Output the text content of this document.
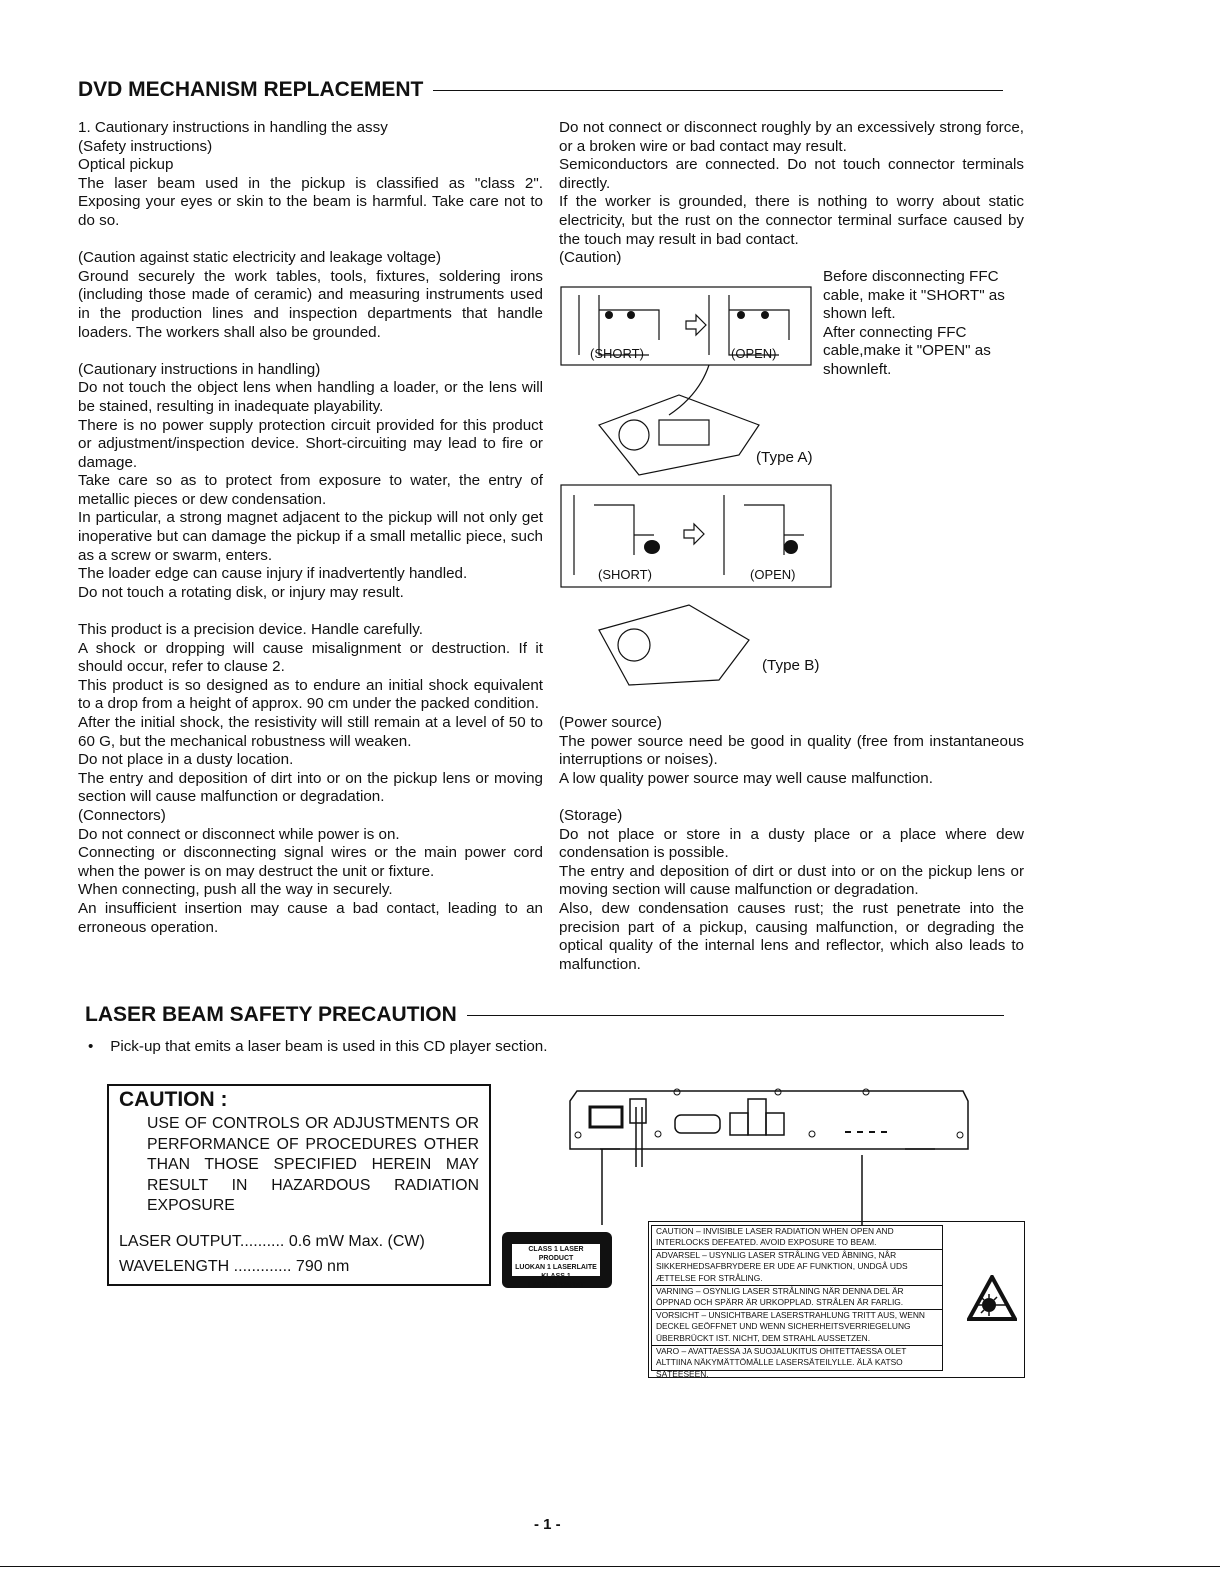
DVD MECHANISM REPLACEMENT

1. Cautionary instructions in handling the assy

(Safety instructions)

Optical pickup

The laser beam used in the pickup is classified as "class 2". Exposing your eyes or skin to the beam is harmful. Take care not to do so.

(Caution against static electricity and leakage voltage)

Ground securely the work tables, tools, fixtures, soldering irons (including those made of ceramic) and measuring instruments used in the production lines and inspection departments that handle loaders. The workers shall also be grounded.

(Cautionary instructions in handling)

Do not touch the object lens when handling a loader, or the lens will be stained, resulting in inadequate playability.

There is no power supply protection circuit provided for this product or adjustment/inspection device. Short-circuiting may lead to fire or damage.

Take care so as to protect from exposure to water, the entry of metallic pieces or dew condensation.

In particular, a strong magnet adjacent to the pickup will not only get inoperative but can damage the pickup if a small metallic piece, such as a screw or swarm, enters.

The loader edge can cause injury if inadvertently handled.

Do not touch a rotating disk, or injury may result.

This product is a precision device. Handle carefully.

A shock or dropping will cause misalignment or destruction. If it should occur, refer to clause 2.

This product is so designed as to endure an initial shock equivalent to a drop from a height of approx. 90 cm under the packed condition.

After the initial shock, the resistivity will still remain at a level of 50 to 60 G, but the mechanical robustness will weaken.

Do not place in a dusty location.

The entry and deposition of dirt into or on the pickup lens or moving section will cause malfunction or degradation.

(Connectors)

Do not connect or disconnect while power is on.

Connecting or disconnecting signal wires or the main power cord when the power is on may destruct the unit or fixture.

When connecting, push all the way in securely.

An insufficient insertion may cause a bad contact, leading to an erroneous operation.

Do not connect or disconnect roughly by an excessively strong force, or a broken wire or bad contact may result.

Semiconductors are connected. Do not touch connector terminals directly.

If the worker is grounded, there is nothing to worry about static electricity, but the rust on the connector terminal surface caused by the touch may result in bad contact.

(Caution)

Before disconnecting FFC
cable, make it "SHORT" as
shown left.
After connecting FFC
cable,make it "OPEN" as
shownleft.
(SHORT)	(OPEN)
(Type A)
(SHORT)	(OPEN)
(Type B)

(Power source)

The power source need be good in quality (free from instantaneous interruptions or noises).

A low quality power source may well cause malfunction.

(Storage)

Do not place or store in a dusty place or a place where dew condensation is possible.

The entry and deposition of dirt or dust into or on the pickup lens or moving section will cause malfunction or degradation.

Also, dew condensation causes rust; the rust penetrate into the precision part of a pickup, causing malfunction, or degrading the optical quality of the internal lens and reflector, which also leads to malfunction.

LASER BEAM SAFETY PRECAUTION
•    Pick-up that emits a laser beam is used in this CD player section.
CAUTION :
USE OF CONTROLS OR ADJUSTMENTS OR PERFORMANCE OF PROCEDURES OTHER THAN THOSE SPECIFIED HEREIN MAY RESULT IN HAZARDOUS RADIATION EXPOSURE
LASER OUTPUT.......... 0.6 mW Max. (CW)
WAVELENGTH ............. 790 nm
CLASS 1 LASER PRODUCT
LUOKAN 1 LASERLAITE
KLASS 1 LASERAPPARAT
CAUTION – INVISIBLE LASER RADIATION WHEN OPEN AND INTERLOCKS DEFEATED. AVOID EXPOSURE TO BEAM.
ADVARSEL – USYNLIG LASER STRÅLING VED ÅBNING, NÅR SIKKERHEDSAFBRYDERE ER UDE AF FUNKTION, UNDGÅ UDS ÆTTELSE FOR STRÅLING.
VARNING – OSYNLIG LASER STRÅLNING NÄR DENNA DEL ÄR ÖPPNAD OCH SPÄRR ÄR URKOPPLAD. STRÅLEN ÄR FARLIG.
VORSICHT – UNSICHTBARE LASERSTRAHLUNG TRITT AUS, WENN DECKEL GEÖFFNET UND WENN SICHERHEITSVERRIEGELUNG ÜBERBRÜCKT IST. NICHT, DEM STRAHL AUSSETZEN.
VARO – AVATTAESSA JA SUOJALUKITUS OHITETTAESSA OLET ALTTIINA NÄKYMÄTTÖMÄLLE LASERSÄTEILYLLE. ÄLÄ KATSO SÄTEESEEN.
- 1 -
